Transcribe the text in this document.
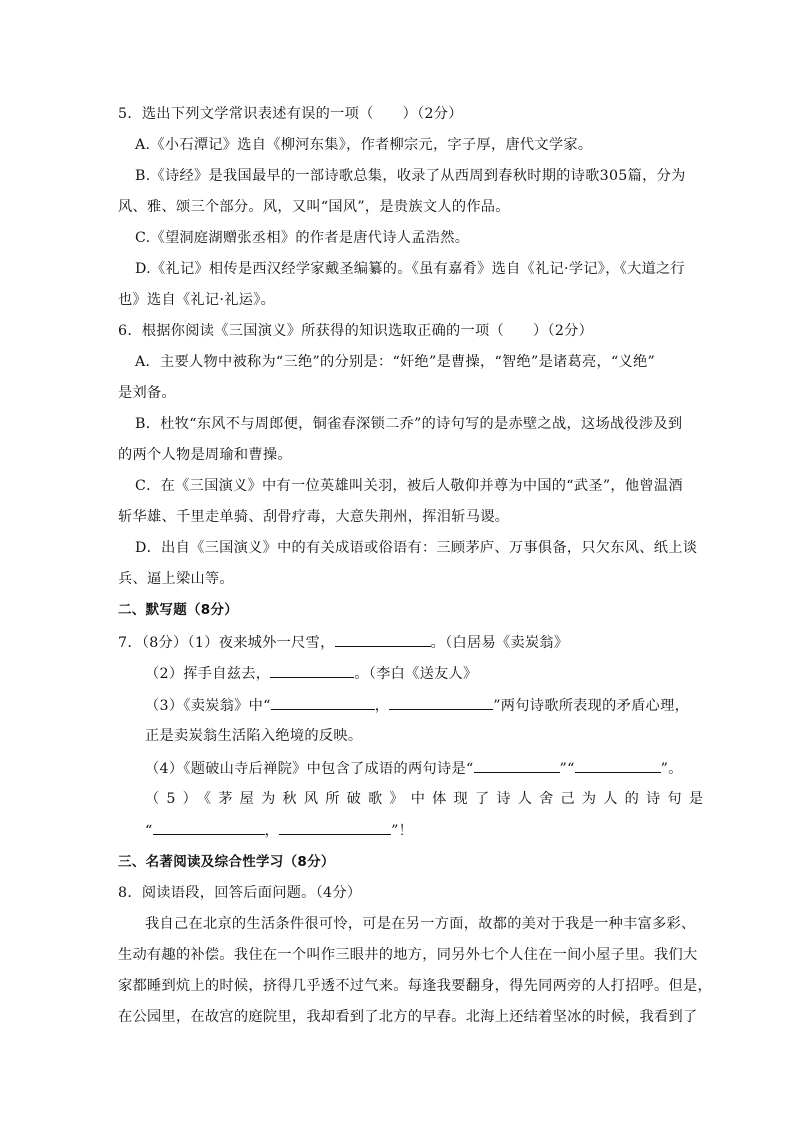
5．选出下列文学常识表述有误的一项（　　）（2分）
A.《小石潭记》选自《柳河东集》，作者柳宗元，字子厚，唐代文学家。
B.《诗经》是我国最早的一部诗歌总集，收录了从西周到春秋时期的诗歌305篇，分为
风、雅、颂三个部分。风，又叫“国风”，是贵族文人的作品。
C.《望洞庭湖赠张丞相》的作者是唐代诗人孟浩然。
D.《礼记》相传是西汉经学家戴圣编纂的。《虽有嘉肴》选自《礼记·学记》，《大道之行
也》选自《礼记·礼运》。
6．根据你阅读《三国演义》所获得的知识选取正确的一项（　　）（2分）
A．主要人物中被称为“三绝”的分别是：“奸绝”是曹操，“智绝”是诸葛亮，“义绝”
是刘备。
B．杜牧“东风不与周郎便，铜雀春深锁二乔”的诗句写的是赤壁之战，这场战役涉及到
的两个人物是周瑜和曹操。
C．在《三国演义》中有一位英雄叫关羽，被后人敬仰并尊为中国的“武圣”，他曾温酒
斩华雄、千里走单骑、刮骨疗毒，大意失荆州，挥泪斩马谡。
D．出自《三国演义》中的有关成语或俗语有：三顾茅庐、万事俱备，只欠东风、纸上谈
兵、逼上梁山等。
二、默写题（8分）
7．（8分）（1）夜来城外一尺雪，	。（白居易《卖炭翁》
（2）挥手自兹去，	。（李白《送友人》
（3）《卖炭翁》中“	，	”两句诗歌所表现的矛盾心理，
正是卖炭翁生活陷入绝境的反映。
（4）《题破山寺后禅院》中包含了成语的两句诗是“	”“	”。
（5）《茅屋为秋风所破歌》中体现了诗人舍己为人的诗句是
“	，	”！
三、名著阅读及综合性学习（8分）
8．阅读语段，回答后面问题。（4分）
我自己在北京的生活条件很可怜，可是在另一方面，故都的美对于我是一种丰富多彩、
生动有趣的补偿。我住在一个叫作三眼井的地方，同另外七个人住在一间小屋子里。我们大
家都睡到炕上的时候，挤得几乎透不过气来。每逢我要翻身，得先同两旁的人打招呼。但是，
在公园里，在故宫的庭院里，我却看到了北方的早春。北海上还结着坚冰的时候，我看到了
